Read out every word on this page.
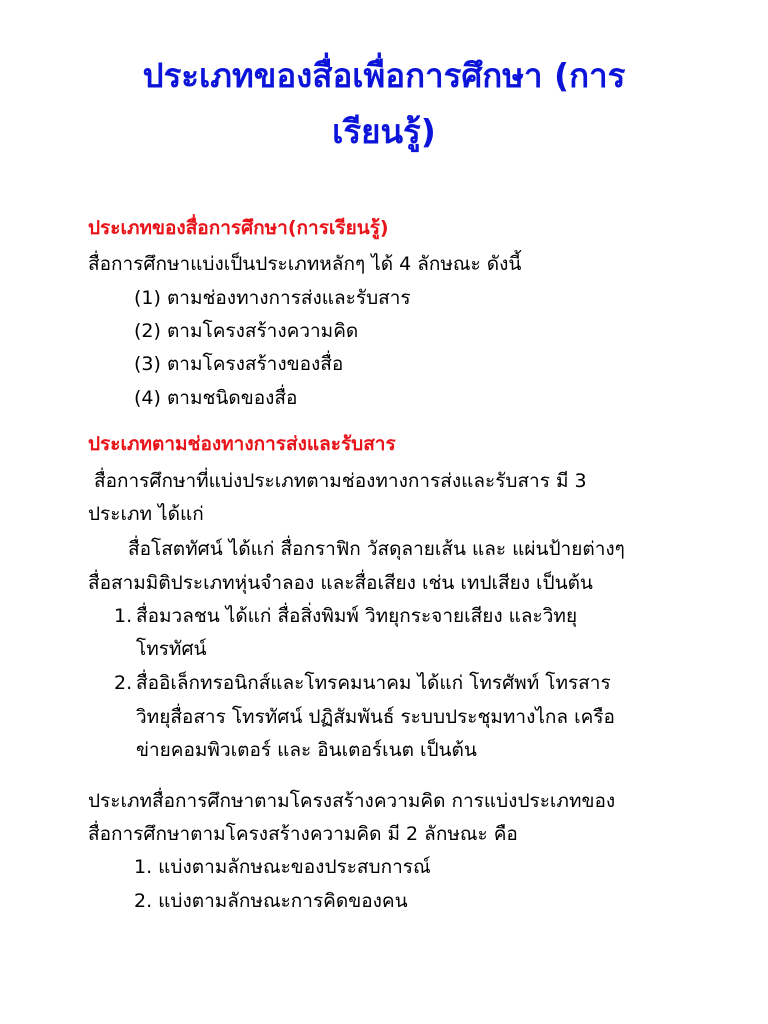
ประเภทของสื่อเพื่อการศึกษา (การ
เรียนรู้)
ประเภทของสื่อการศึกษา(การเรียนรู้)
สื่อการศึกษาแบ่งเป็นประเภทหลักๆ ได้ 4 ลักษณะ ดังนี้
(1) ตามช่องทางการส่งและรับสาร
(2) ตามโครงสร้างความคิด
(3) ตามโครงสร้างของสื่อ
(4) ตามชนิดของสื่อ
ประเภทตามช่องทางการส่งและรับสาร
สื่อการศึกษาที่แบ่งประเภทตามช่องทางการส่งและรับสาร มี 3
ประเภท ได้แก่
สื่อโสตทัศน์ ได้แก่ สื่อกราฟิก วัสดุลายเส้น และ แผ่นป้ายต่างๆ
สื่อสามมิติประเภทหุ่นจำลอง และสื่อเสียง เช่น เทปเสียง เป็นต้น
1. สื่อมวลชน ได้แก่ สื่อสิ่งพิมพ์ วิทยุกระจายเสียง และวิทยุ
โทรทัศน์
2. สื่ออิเล็กทรอนิกส์และโทรคมนาคม ได้แก่ โทรศัพท์ โทรสาร
วิทยุสื่อสาร โทรทัศน์ ปฏิสัมพันธ์ ระบบประชุมทางไกล เครือ
ข่ายคอมพิวเตอร์ และ อินเตอร์เนต เป็นต้น
ประเภทสื่อการศึกษาตามโครงสร้างความคิด การแบ่งประเภทของ
สื่อการศึกษาตามโครงสร้างความคิด มี 2 ลักษณะ คือ
1. แบ่งตามลักษณะของประสบการณ์
2. แบ่งตามลักษณะการคิดของคน
